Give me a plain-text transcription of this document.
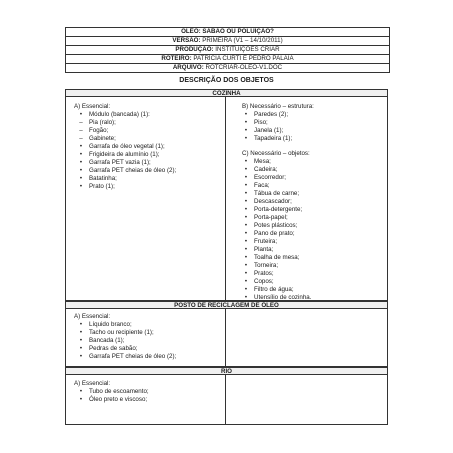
ÓLEO: SABÃO OU POLUIÇÃO?
VERSÃO: PRIMEIRA (V1 – 14/10/2011)
PRODUÇÃO: INSTITUIÇÕES CRIAR
ROTEIRO: PATRÍCIA CURTI E PEDRO PALAIA
ARQUIVO: ROTCRIAR-OLEO-V1.DOC
DESCRIÇÃO DOS OBJETOS
COZINHA
A) Essencial:
•	Módulo (bancada) (1):
–	Pia (ralo);
–	Fogão;
–	Gabinete;
•	Garrafa de óleo vegetal (1);
•	Frigideira de alumínio (1);
•	Garrafa PET vazia (1);
•	Garrafa PET cheias de óleo (2);
•	Batatinha;
•	Prato (1);
B) Necessário – estrutura:
•	Paredes (2);
•	Piso;
•	Janela (1);
•	Tapadeira (1);
C) Necessário – objetos:
•	Mesa;
•	Cadeira;
•	Escorredor;
•	Faca;
•	Tábua de carne;
•	Descascador;
•	Porta-detergente;
•	Porta-papel;
•	Potes plásticos;
•	Pano de prato;
•	Fruteira;
•	Planta;
•	Toalha de mesa;
•	Torneira;
•	Pratos;
•	Copos;
•	Filtro de água;
•	Utensílio de cozinha.
POSTO DE RECICLAGEM DE ÓLEO
A) Essencial:
•	Líquido branco;
•	Tacho ou recipiente (1);
•	Bancada (1);
•	Pedras de sabão;
•	Garrafa PET cheias de óleo (2);
RIO
A) Essencial:
•	Tubo de escoamento;
•	Óleo preto e viscoso;
